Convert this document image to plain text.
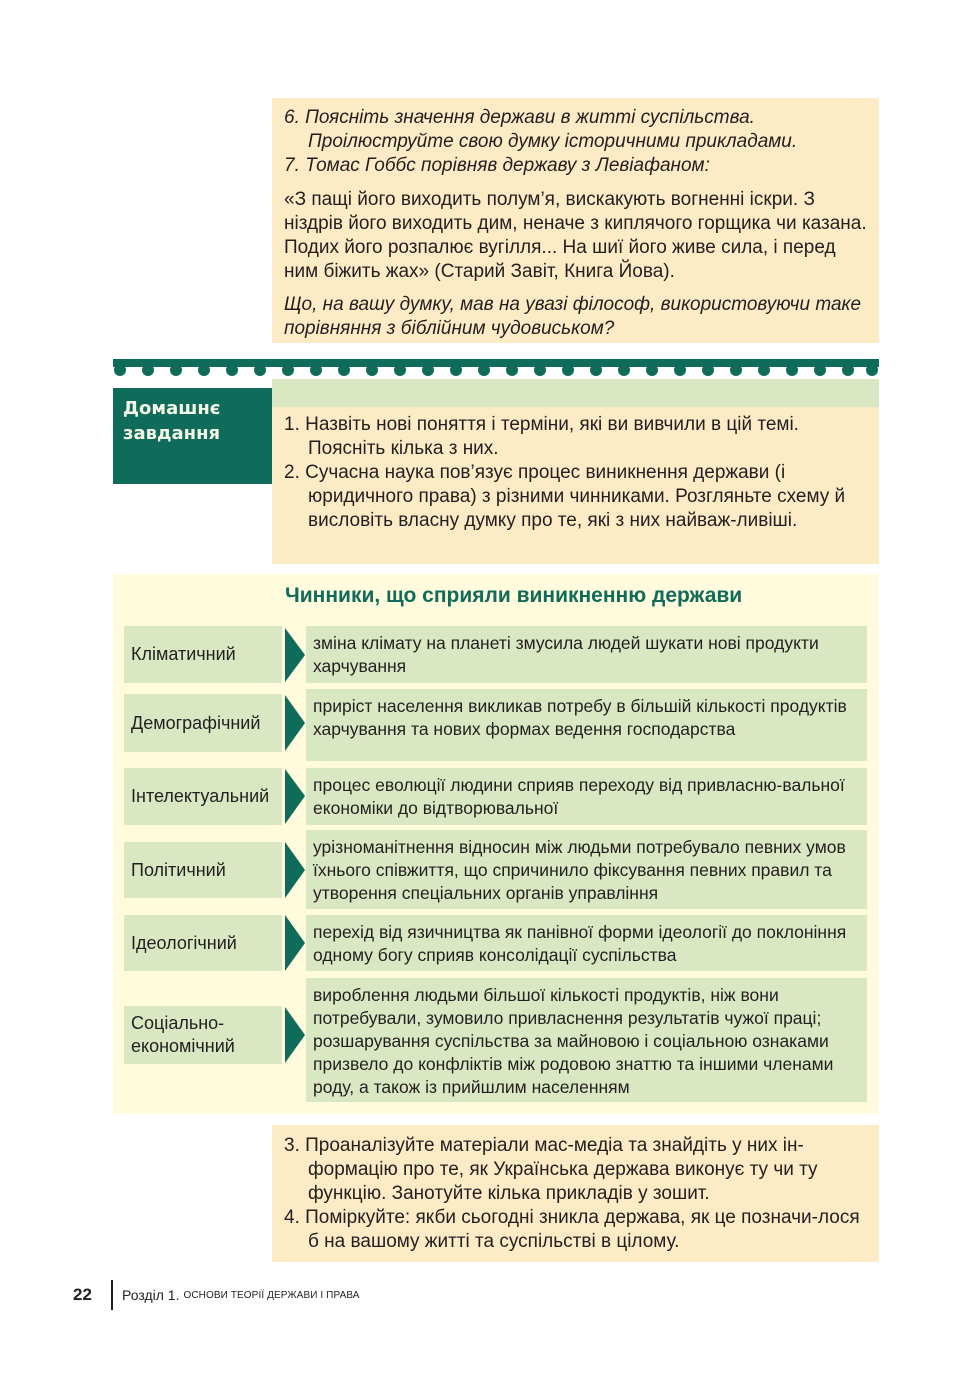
6. Поясніть значення держави в житті суспільства.

Проілюструйте свою думку історичними прикладами.

7. Томас Гоббс порівняв державу з Левіафаном:

«З пащі його виходить полум’я, вискакують вогненні іскри. З ніздрів його виходить дим, неначе з киплячого горщика чи казана. Подих його розпалює вугілля... На шиї його живе сила, і перед ним біжить жах» (Старий Завіт, Книга Йова).

Що, на вашу думку, мав на увазі філософ, використовуючи таке порівняння з біблійним чудовиськом?

Домашнє завдання	1. Назвіть нові поняття і терміни, які ви вивчили в цій темі. Поясніть кілька з них.
2. Сучасна наука пов’язує процес виникнення держави (і юридичного права) з різними чинниками. Розгляньте схему й висловіть власну думку про те, які з них найваж-ливіші.
Чинники, що сприяли виникненню держави
Кліматичний
зміна клімату на планеті змусила людей шукати нові продукти харчування
Демографічний
приріст населення викликав потребу в більшій кількості продуктів харчування та нових формах ведення господарства
Інтелектуальний
процес еволюції людини сприяв переходу від привласню-вальної економіки до відтворювальної
Політичний
урізноманітнення відносин між людьми потребувало певних умов їхнього співжиття, що спричинило фіксування певних правил та утворення спеціальних органів управління
Ідеологічний
перехід від язичництва як панівної форми ідеології до поклоніння одному богу сприяв консолідації суспільства
Соціально-економічний
вироблення людьми більшої кількості продуктів, ніж вони потребували, зумовило привласнення результатів чужої праці; розшарування суспільства за майновою і соціальною ознаками призвело до конфліктів між родовою знаттю та іншими членами роду, а також із прийшлим населенням
3. Проаналізуйте матеріали мас-медіа та знайдіть у них ін-формацію про те, як Українська держава виконує ту чи ту функцію. Занотуйте кілька прикладів у зошит.
4. Поміркуйте: якби сьогодні зникла держава, як це позначи-лося б на вашому житті та суспільстві в цілому.
22	Розділ 1. ОСНОВИ ТЕОРІЇ ДЕРЖАВИ І ПРАВА
